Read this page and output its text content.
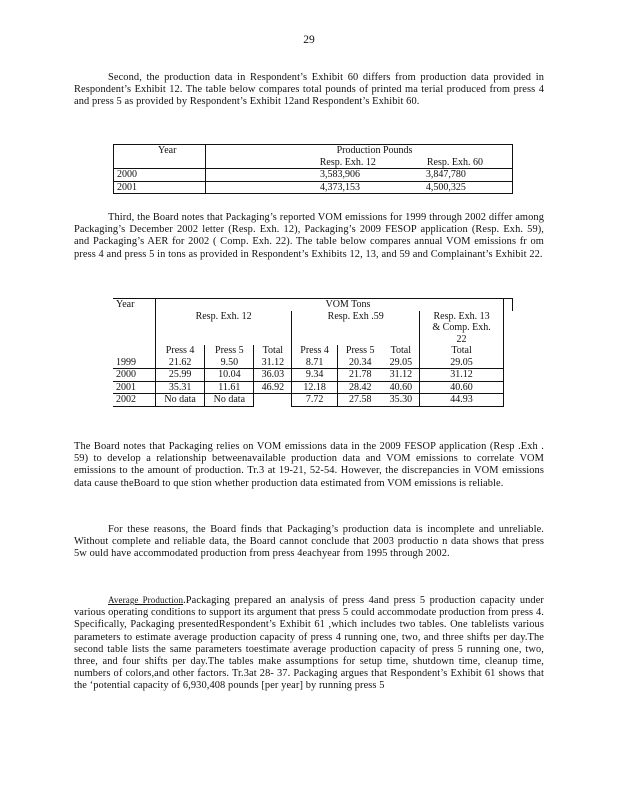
29

Second, the production data in Respondent’s Exhibit 60 differs from production data provided in Respondent’s Exhibit 12. The table below compares total pounds of printed ma terial produced from press 4 and press 5 as provided by Respondent’s Exhibit 12and Respondent’s Exhibit 60.

Year	Production Pounds		
	Resp. Exh. 12	Resp. Exh. 60	
2000	3,583,906	3,847,780	
2001	4,373,153	4,500,325	

Third, the Board notes that Packaging’s reported VOM emissions for 1999 through 2002 differ among Packaging’s December 2002 letter (Resp. Exh. 12), Packaging’s 2009 FESOP application (Resp. Exh. 59), and Packaging’s AER for 2002 ( Comp. Exh. 22). The table below compares annual VOM emissions fr om press 4 and press 5 in tons as provided in Respondent’s Exhibits 12, 13, and 59 and Complainant’s Exhibit 22.

Year	VOM Tons							
	Resp. Exh. 12			Resp. Exh .59			Resp. Exh. 13	
							& Comp. Exh.	
							22	
	Press 4	Press 5	Total	Press 4	Press 5	Total	Total	
1999	21.62	9.50	31.12	8.71	20.34	29.05	29.05	
2000	25.99	10.04	36.03	9.34	21.78	31.12	31.12	
2001	35.31	11.61	46.92	12.18	28.42	40.60	40.60	
2002	No data	No data		7.72	27.58	35.30	44.93	

The Board notes that Packaging relies on VOM emissions data in the 2009 FESOP application (Resp .Exh . 59) to develop a relationship betweenavailable production data and VOM emissions to correlate VOM emissions to the amount of production. Tr.3 at 19-21, 52-54. However, the discrepancies in VOM emissions data cause theBoard to que stion whether production data estimated from VOM emissions is reliable.

For these reasons, the Board finds that Packaging’s production data is incomplete and unreliable. Without complete and reliable data, the Board cannot conclude that 2003 productio n data shows that press 5w ould have accommodated production from press 4eachyear from 1995 through 2002.

Average Production.Packaging prepared an analysis of press 4and press 5 production capacity under various operating conditions to support its argument that press 5 could accommodate production from press 4. Specifically, Packaging presentedRespondent’s Exhibit 61 ,which includes two tables. One tablelists various parameters to estimate average production capacity of press 4 running one, two, and three shifts per day.The second table lists the same parameters toestimate average production capacity of press 5 running one, two, three, and four shifts per day.The tables make assumptions for setup time, shutdown time, cleanup time, numbers of colors,and other factors. Tr.3at 28- 37. Packaging argues that Respondent’s Exhibit 61 shows that the ‘potential capacity of 6,930,408 pounds [per year] by running press 5
